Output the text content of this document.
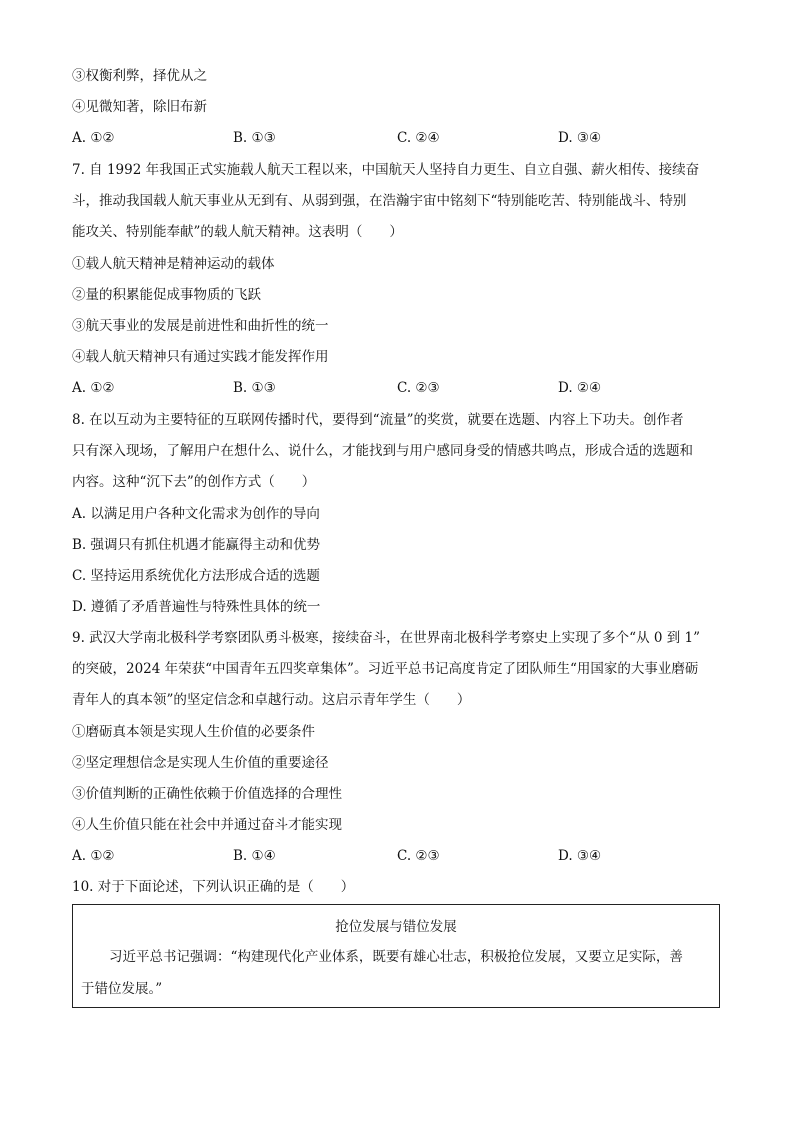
③权衡利弊，择优从之
④见微知著，除旧布新
A. ①②	B. ①③	C. ②④	D. ③④
7. 自 1992 年我国正式实施载人航天工程以来，中国航天人坚持自力更生、自立自强、薪火相传、接续奋
斗，推动我国载人航天事业从无到有、从弱到强，在浩瀚宇宙中铭刻下“特别能吃苦、特别能战斗、特别
能攻关、特别能奉献”的载人航天精神。这表明（　　）
①载人航天精神是精神运动的载体
②量的积累能促成事物质的飞跃
③航天事业的发展是前进性和曲折性的统一
④载人航天精神只有通过实践才能发挥作用
A. ①②	B. ①③	C. ②③	D. ②④
8. 在以互动为主要特征的互联网传播时代，要得到“流量”的奖赏，就要在选题、内容上下功夫。创作者
只有深入现场，了解用户在想什么、说什么，才能找到与用户感同身受的情感共鸣点，形成合适的选题和
内容。这种“沉下去”的创作方式（　　）
A. 以满足用户各种文化需求为创作的导向
B. 强调只有抓住机遇才能赢得主动和优势
C. 坚持运用系统优化方法形成合适的选题
D. 遵循了矛盾普遍性与特殊性具体的统一
9. 武汉大学南北极科学考察团队勇斗极寒，接续奋斗，在世界南北极科学考察史上实现了多个“从 0 到 1”
的突破，2024 年荣获“中国青年五四奖章集体”。习近平总书记高度肯定了团队师生“用国家的大事业磨砺
青年人的真本领”的坚定信念和卓越行动。这启示青年学生（　　）
①磨砺真本领是实现人生价值的必要条件
②坚定理想信念是实现人生价值的重要途径
③价值判断的正确性依赖于价值选择的合理性
④人生价值只能在社会中并通过奋斗才能实现
A. ①②	B. ①④	C. ②③	D. ③④
10. 对于下面论述，下列认识正确的是（　　）
抢位发展与错位发展
习近平总书记强调：“构建现代化产业体系，既要有雄心壮志，积极抢位发展，又要立足实际，善
于错位发展。”
